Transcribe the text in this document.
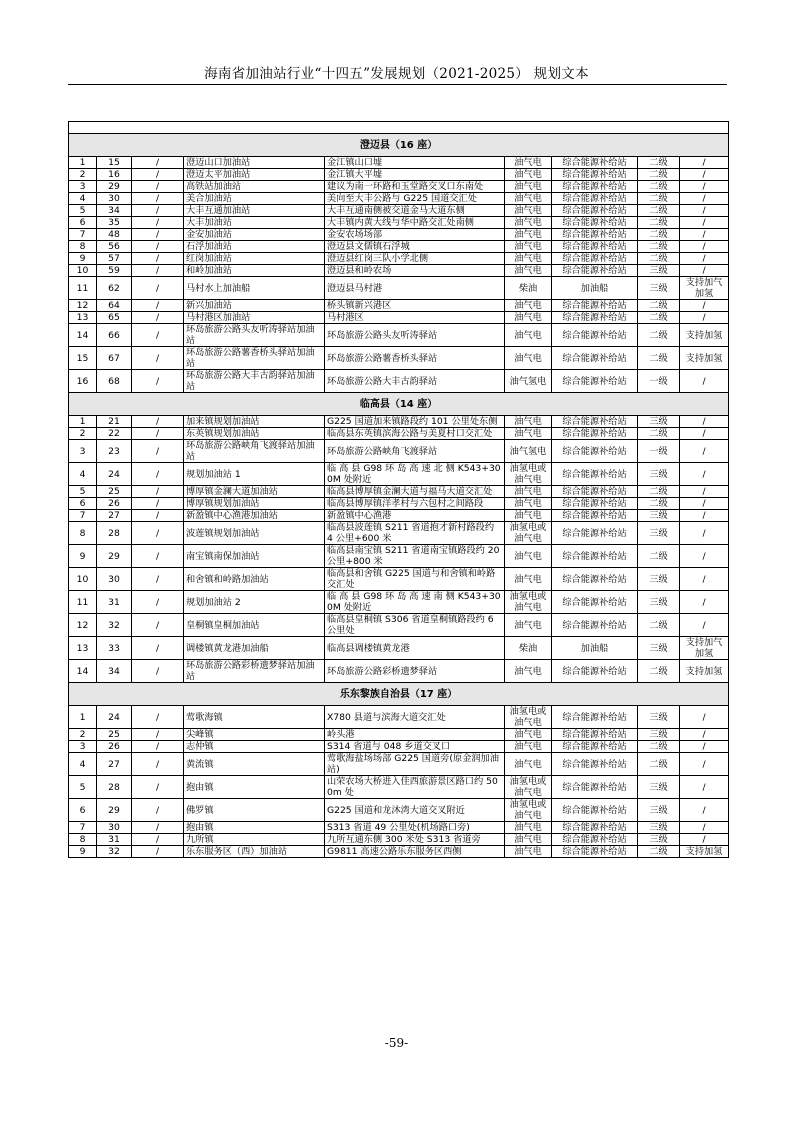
海南省加油站行业“十四五”发展规划（2021-2025） 规划文本

澄迈县（16 座）								
1	15	/	澄迈山口加油站	金江镇山口墟	油气电	综合能源补给站	二级	/
2	16	/	澄迈太平加油站	金江镇大平墟	油气电	综合能源补给站	二级	/
3	29	/	高铁站加油站	建议为南一环路和玉堂路交叉口东南处	油气电	综合能源补给站	二级	/
4	30	/	美合加油站	美向至大丰公路与 G225 国道交汇处	油气电	综合能源补给站	二级	/
5	34	/	大丰互通加油站	大丰互通南侧被交道金马大道东侧	油气电	综合能源补给站	二级	/
6	35	/	大丰加油站	大丰镇内黄大线与华中路交汇处南侧	油气电	综合能源补给站	二级	/
7	48	/	金安加油站	金安农场场部	油气电	综合能源补给站	二级	/
8	56	/	石浮加油站	澄迈县文儒镇石浮城	油气电	综合能源补给站	二级	/
9	57	/	红岗加油站	澄迈县红岗三队小学北侧	油气电	综合能源补给站	二级	/
10	59	/	和岭加油站	澄迈县和岭农场	油气电	综合能源补给站	三级	/
11	62	/	马村水上加油船	澄迈县马村港	柴油	加油船	三级	支持加气 加氢
12	64	/	新兴加油站	桥头镇新兴港区	油气电	综合能源补给站	二级	/
13	65	/	马村港区加油站	马村港区	油气电	综合能源补给站	二级	/
14	66	/	环岛旅游公路头友听涛驿站加油站	环岛旅游公路头友听涛驿站	油气电	综合能源补给站	二级	支持加氢
15	67	/	环岛旅游公路薯香桥头驿站加油站	环岛旅游公路薯香桥头驿站	油气电	综合能源补给站	二级	支持加氢
16	68	/	环岛旅游公路大丰古韵驿站加油站	环岛旅游公路大丰古韵驿站	油气氢电	综合能源补给站	一级	/
临高县（14 座）								
1	21	/	加来镇规划加油站	G225 国道加来镇路段约 101 公里处东侧	油气电	综合能源补给站	三级	/
2	22	/	东英镇规划加油站	临高县东英镇滨海公路与美夏村口交汇处	油气电	综合能源补给站	二级	/
3	23	/	环岛旅游公路峡角飞渡驿站加油站	环岛旅游公路峡角飞渡驿站	油气氢电	综合能源补给站	一级	/
4	24	/	规划加油站 1	临 高 县 G98 环 岛 高 速 北 侧 K543+300M 处附近	油氢电或 油气电	综合能源补给站	三级	/
5	25	/	博厚镇金澜大道加油站	临高县博厚镇金澜大道与福马大道交汇处	油气电	综合能源补给站	二级	/
6	26	/	博厚镇规划加油站	临高县博厚镇洋孝村与六包村之间路段	油气电	综合能源补给站	二级	/
7	27	/	新盈镇中心渔港加油站	新盈镇中心渔港	油气电	综合能源补给站	三级	/
8	28	/	波莲镇规划加油站	临高县波莲镇 S211 省道抱才新村路段约 4 公里+600 米	油氢电或 油气电	综合能源补给站	三级	/
9	29	/	南宝镇南保加油站	临高县南宝镇 S211 省道南宝镇路段约 20 公里+800 米	油气电	综合能源补给站	二级	/
10	30	/	和舍镇和岭路加油站	临高县和舍镇 G225 国道与和舍镇和岭路交汇处	油气电	综合能源补给站	三级	/
11	31	/	规划加油站 2	临 高 县 G98 环 岛 高 速 南 侧 K543+300M 处附近	油氢电或 油气电	综合能源补给站	三级	/
12	32	/	皇桐镇皇桐加油站	临高县皇桐镇 S306 省道皇桐镇路段约 6 公里处	油气电	综合能源补给站	二级	/
13	33	/	调楼镇黄龙港加油船	临高县调楼镇黄龙港	柴油	加油船	三级	支持加气 加氢
14	34	/	环岛旅游公路彩桥遗梦驿站加油站	环岛旅游公路彩桥遗梦驿站	油气电	综合能源补给站	二级	支持加氢
乐东黎族自治县（17 座）								
1	24	/	莺歌海镇	X780 县道与滨海大道交汇处	油氢电或 油气电	综合能源补给站	三级	/
2	25	/	尖峰镇	岭头港	油气电	综合能源补给站	三级	/
3	26	/	志仲镇	S314 省道与 048 乡道交叉口	油气电	综合能源补给站	二级	/
4	27	/	黄流镇	莺歌海盐场场部 G225 国道旁(原金润加油站)	油气电	综合能源补给站	二级	/
5	28	/	抱由镇	山荣农场大桥进入佳西旅游景区路口约 500m 处	油氢电或 油气电	综合能源补给站	三级	/
6	29	/	佛罗镇	G225 国道和龙沐湾大道交叉附近	油氢电或 油气电	综合能源补给站	三级	/
7	30	/	抱由镇	S313 省道 49 公里处(机场路口旁)	油气电	综合能源补给站	三级	/
8	31	/	九所镇	九所互通东侧 300 米处 S313 省道旁	油气电	综合能源补给站	三级	/
9	32	/	乐东服务区（西）加油站	G9811 高速公路乐东服务区西侧	油气电	综合能源补给站	二级	支持加氢
-59-
